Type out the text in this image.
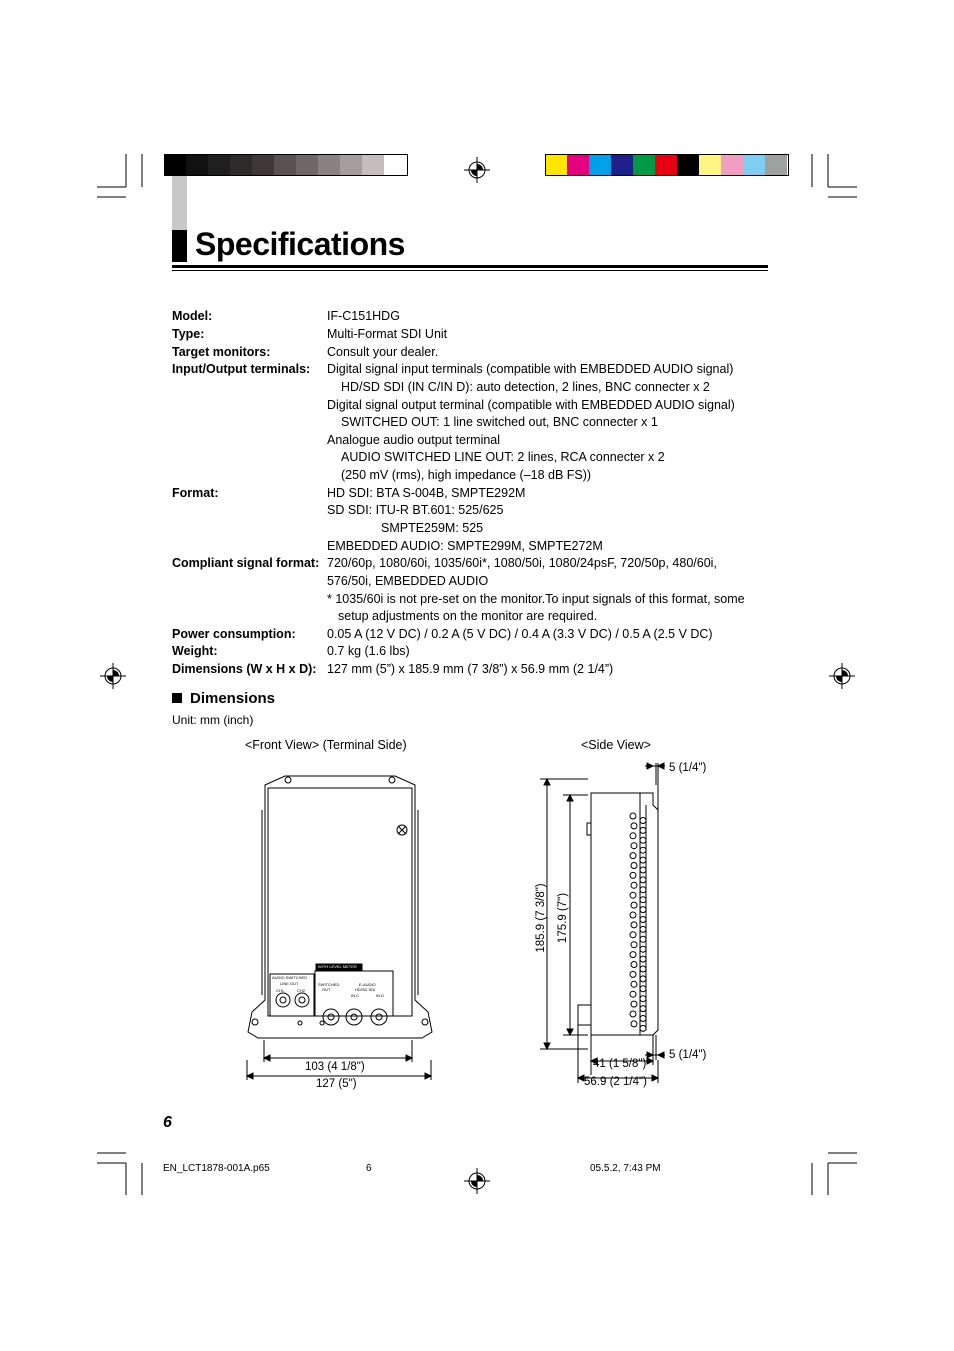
Specifications
Model:	IF-C151HDG
Type:	Multi-Format SDI Unit
Target monitors:	Consult your dealer.
Input/Output terminals: Digital signal input terminals (compatible with EMBEDDED AUDIO signal)
HD/SD SDI (IN C/IN D): auto detection, 2 lines, BNC connecter x 2
Digital signal output terminal (compatible with EMBEDDED AUDIO signal)
SWITCHED OUT: 1 line switched out, BNC connecter x 1
Analogue audio output terminal
AUDIO SWITCHED LINE OUT: 2 lines, RCA connecter x 2
(250 mV (rms), high impedance (–18 dB FS))
Format:	HD SDI: BTA S-004B, SMPTE292M
SD SDI: ITU-R BT.601: 525/625
SMPTE259M: 525
EMBEDDED AUDIO: SMPTE299M, SMPTE272M
Compliant signal format: 720/60p, 1080/60i, 1035/60i*, 1080/50i, 1080/24psF, 720/50p, 480/60i,
576/50i, EMBEDDED AUDIO
* 1035/60i is not pre-set on the monitor.To input signals of this format, some
setup adjustments on the monitor are required.
Power consumption:	0.05 A (12 V DC) / 0.2 A (5 V DC) / 0.4 A (3.3 V DC) / 0.5 A (2.5 V DC)
Weight:	0.7 kg (1.6 lbs)
Dimensions (W x H x D): 127 mm (5”) x 185.9 mm (7 3/8”) x 56.9 mm (2 1/4”)
Dimensions
Unit: mm (inch)
<Front View> (Terminal Side)	<Side View>
WITH LEVEL METER
AUDIO SWITCHED
LINE OUT
CH1	CH2
SWITCHED
OUT
E-AUDIO
HD/SD SDI
IN C	IN D
103 (4 1/8")
127 (5")
5 (1/4")
5 (1/4")
185.9 (7 3/8") 175.9 (7")
41 (1 5/8")
56.9 (2 1/4")
6
EN_LCT1878-001A.p65	6	05.5.2, 7:43 PM
